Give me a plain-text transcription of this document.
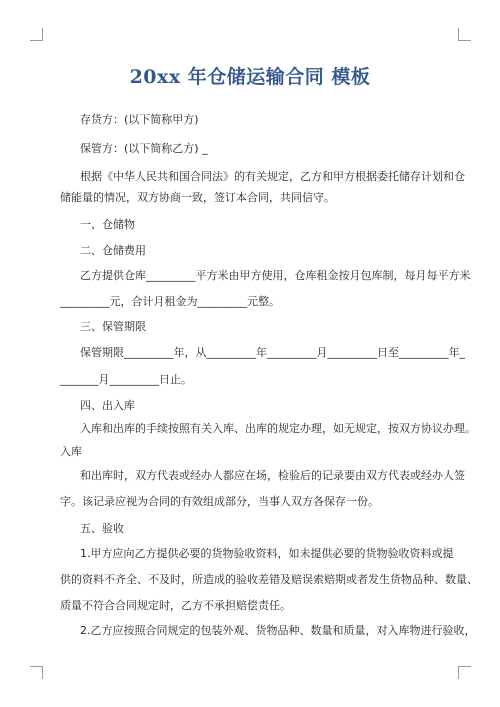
20xx 年仓储运输合同 模板
存货方：(以下简称甲方)
保管方：(以下简称乙方) _
根据《中华人民共和国合同法》的有关规定，乙方和甲方根据委托储存计划和仓
储能量的情况，双方协商一致，签订本合同，共同信守。
一、仓储物
二、仓储费用
乙方提供仓库_________平方米由甲方使用，仓库租金按月包库制，每月每平方米
_________元，合计月租金为_________元整。
三、保管期限
保管期限_________年，从_________年_________月_________日至_________年_
_______月_________日止。
四、出入库
入库和出库的手续按照有关入库、出库的规定办理，如无规定，按双方协议办理。
入库
和出库时，双方代表或经办人都应在场，检验后的记录要由双方代表或经办人签
字。该记录应视为合同的有效组成部分，当事人双方各保存一份。
五、验收
1.甲方应向乙方提供必要的货物验收资料，如未提供必要的货物验收资料或提
供的资料不齐全、不及时，所造成的验收差错及赔误索赔期或者发生货物品种、数量、
质量不符合合同规定时，乙方不承担赔偿责任。
2.乙方应按照合同规定的包装外观、货物品种、数量和质量，对入库物进行验收，
